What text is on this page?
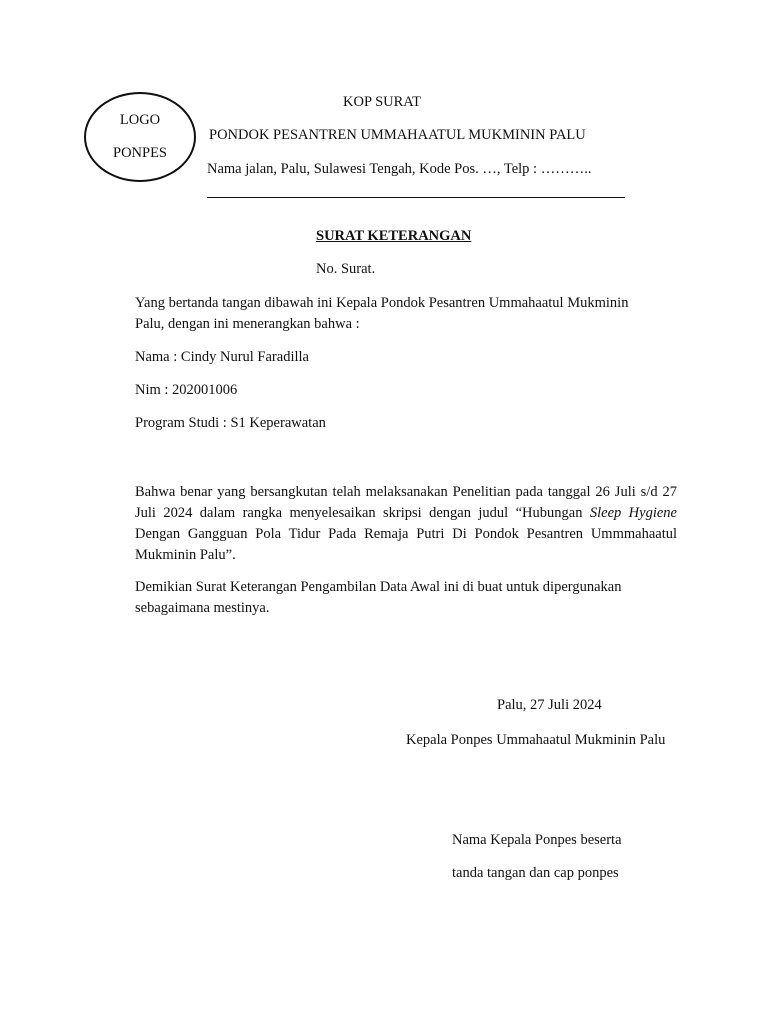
LOGO
PONPES
KOP SURAT
PONDOK PESANTREN UMMAHAATUL MUKMININ PALU
Nama jalan, Palu, Sulawesi Tengah, Kode Pos. …, Telp : ………..
SURAT KETERANGAN
No. Surat.
Yang bertanda tangan dibawah ini Kepala Pondok Pesantren Ummahaatul Mukminin Palu, dengan ini menerangkan bahwa :
Nama : Cindy Nurul Faradilla
Nim : 202001006
Program Studi : S1 Keperawatan
Bahwa benar yang bersangkutan telah melaksanakan Penelitian pada tanggal 26 Juli s/d 27 Juli 2024 dalam rangka menyelesaikan skripsi dengan judul “Hubungan Sleep Hygiene Dengan Gangguan Pola Tidur Pada Remaja Putri Di Pondok Pesantren Ummmahaatul Mukminin Palu”.
Demikian Surat Keterangan Pengambilan Data Awal ini di buat untuk dipergunakan sebagaimana mestinya.
Palu, 27 Juli 2024
Kepala Ponpes Ummahaatul Mukminin Palu
Nama Kepala Ponpes beserta
tanda tangan dan cap ponpes
